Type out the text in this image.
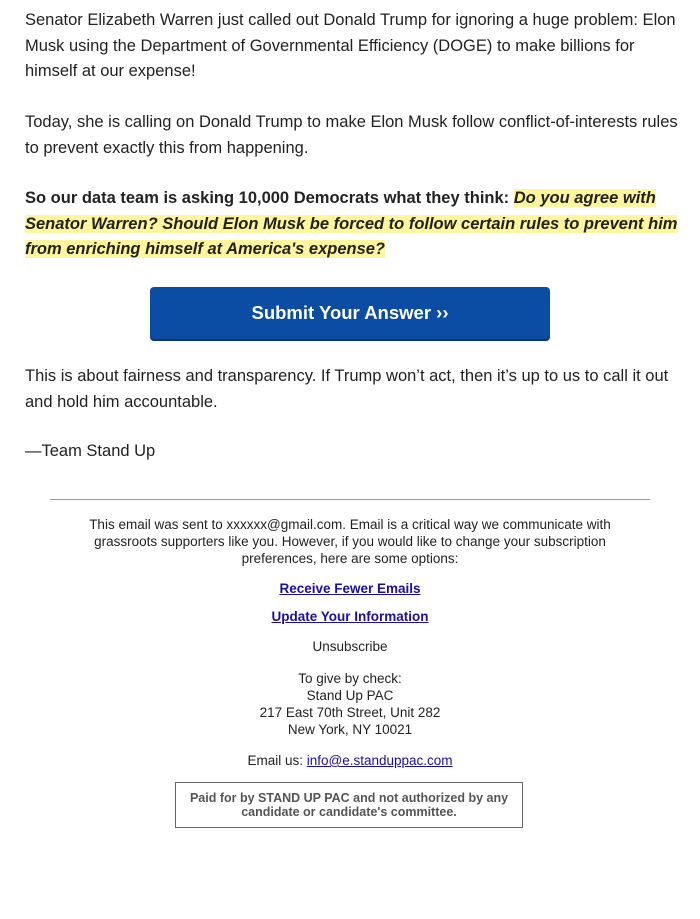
Senator Elizabeth Warren just called out Donald Trump for ignoring a huge problem: Elon Musk using the Department of Governmental Efficiency (DOGE) to make billions for himself at our expense!

Today, she is calling on Donald Trump to make Elon Musk follow conflict-of-interests rules to prevent exactly this from happening.

So our data team is asking 10,000 Democrats what they think: Do you agree with Senator Warren? Should Elon Musk be forced to follow certain rules to prevent him from enriching himself at America's expense?

This is about fairness and transparency. If Trump won’t act, then it’s up to us to call it out and hold him accountable.

—Team Stand Up

Submit Your Answer ››
This email was sent to xxxxxx@gmail.com. Email is a critical way we communicate with grassroots supporters like you. However, if you would like to change your subscription preferences, here are some options:
Receive Fewer Emails
Update Your Information
Unsubscribe
To give by check:
Stand Up PAC
217 East 70th Street, Unit 282
New York, NY 10021
Email us: info@e.standuppac.com
Paid for by STAND UP PAC and not authorized by any candidate or candidate's committee.
